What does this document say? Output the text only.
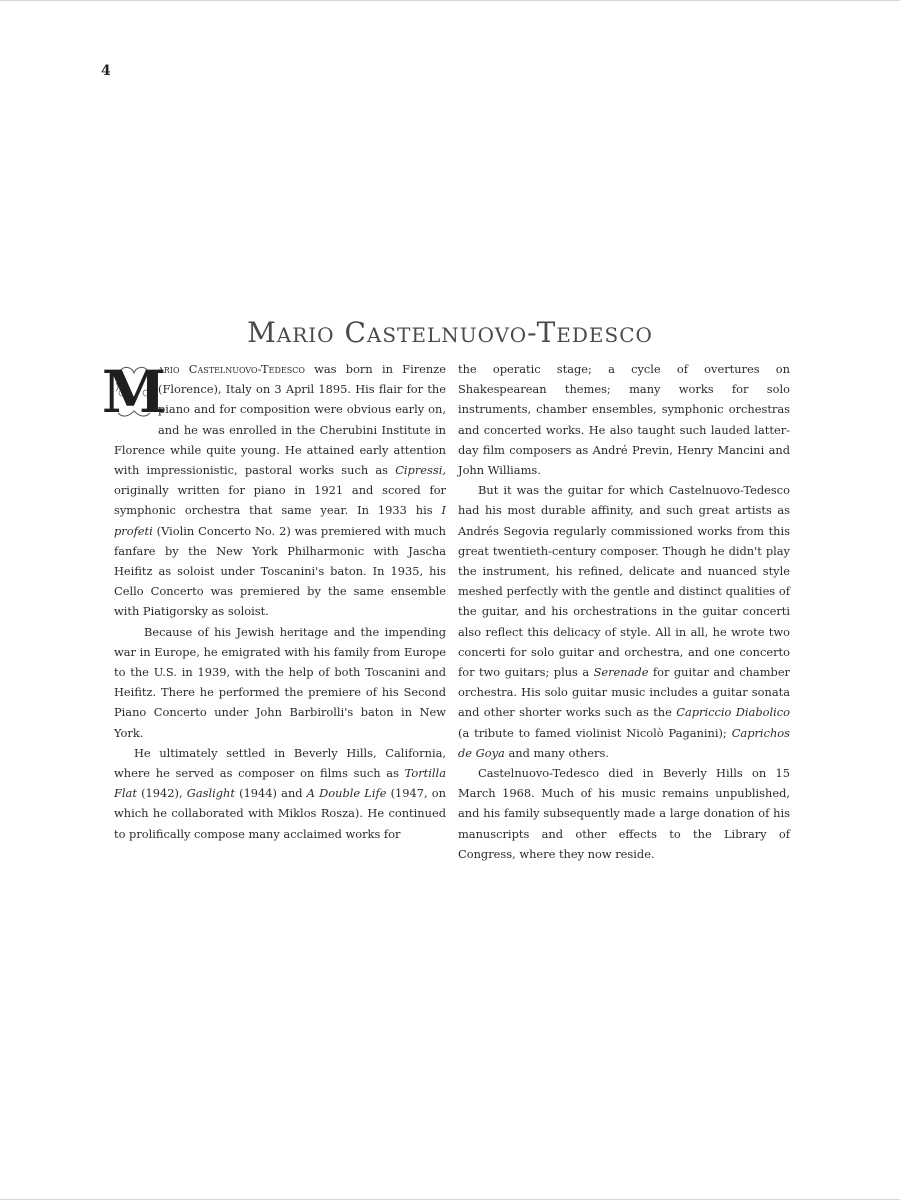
4
Mario Castelnuovo-Tedesco

M
ario Castelnuovo-Tedesco was born in Firenze (Florence), Italy on 3 April 1895. His flair for the piano and for composition were obvious early on, and he was enrolled in the Cherubini Institute in Florence while quite young. He attained early attention with impressionistic, pastoral works such as Cipressi, originally written for piano in 1921 and scored for symphonic orchestra that same year. In 1933 his I profeti (Violin Concerto No. 2) was premiered with much fanfare by the New York Philharmonic with Jascha Heifitz as soloist under Toscanini's baton. In 1935, his Cello Concerto was premiered by the same ensemble with Piatigorsky as soloist.

Because of his Jewish heritage and the impending war in Europe, he emigrated with his family from Europe to the U.S. in 1939, with the help of both Toscanini and Heifitz. There he performed the premiere of his Second Piano Concerto under John Barbirolli's baton in New York.

He ultimately settled in Beverly Hills, California, where he served as composer on films such as Tortilla Flat (1942), Gaslight (1944) and A Double Life (1947, on which he collaborated with Miklos Rosza). He continued to prolifically compose many acclaimed works for

the operatic stage; a cycle of overtures on Shakespearean themes; many works for solo instruments, chamber ensembles, symphonic orchestras and concerted works. He also taught such lauded latter-day film composers as André Previn, Henry Mancini and John Williams.

But it was the guitar for which Castelnuovo-Tedesco had his most durable affinity, and such great artists as Andrés Segovia regularly commissioned works from this great twentieth-century composer. Though he didn't play the instrument, his refined, delicate and nuanced style meshed perfectly with the gentle and distinct qualities of the guitar, and his orchestrations in the guitar concerti also reflect this delicacy of style. All in all, he wrote two concerti for solo guitar and orchestra, and one concerto for two guitars; plus a Serenade for guitar and chamber orchestra. His solo guitar music includes a guitar sonata and other shorter works such as the Capriccio Diabolico (a tribute to famed violinist Nicolò Paganini); Caprichos de Goya and many others.

Castelnuovo-Tedesco died in Beverly Hills on 15 March 1968. Much of his music remains unpublished, and his family subsequently made a large donation of his manuscripts and other effects to the Library of Congress, where they now reside.
